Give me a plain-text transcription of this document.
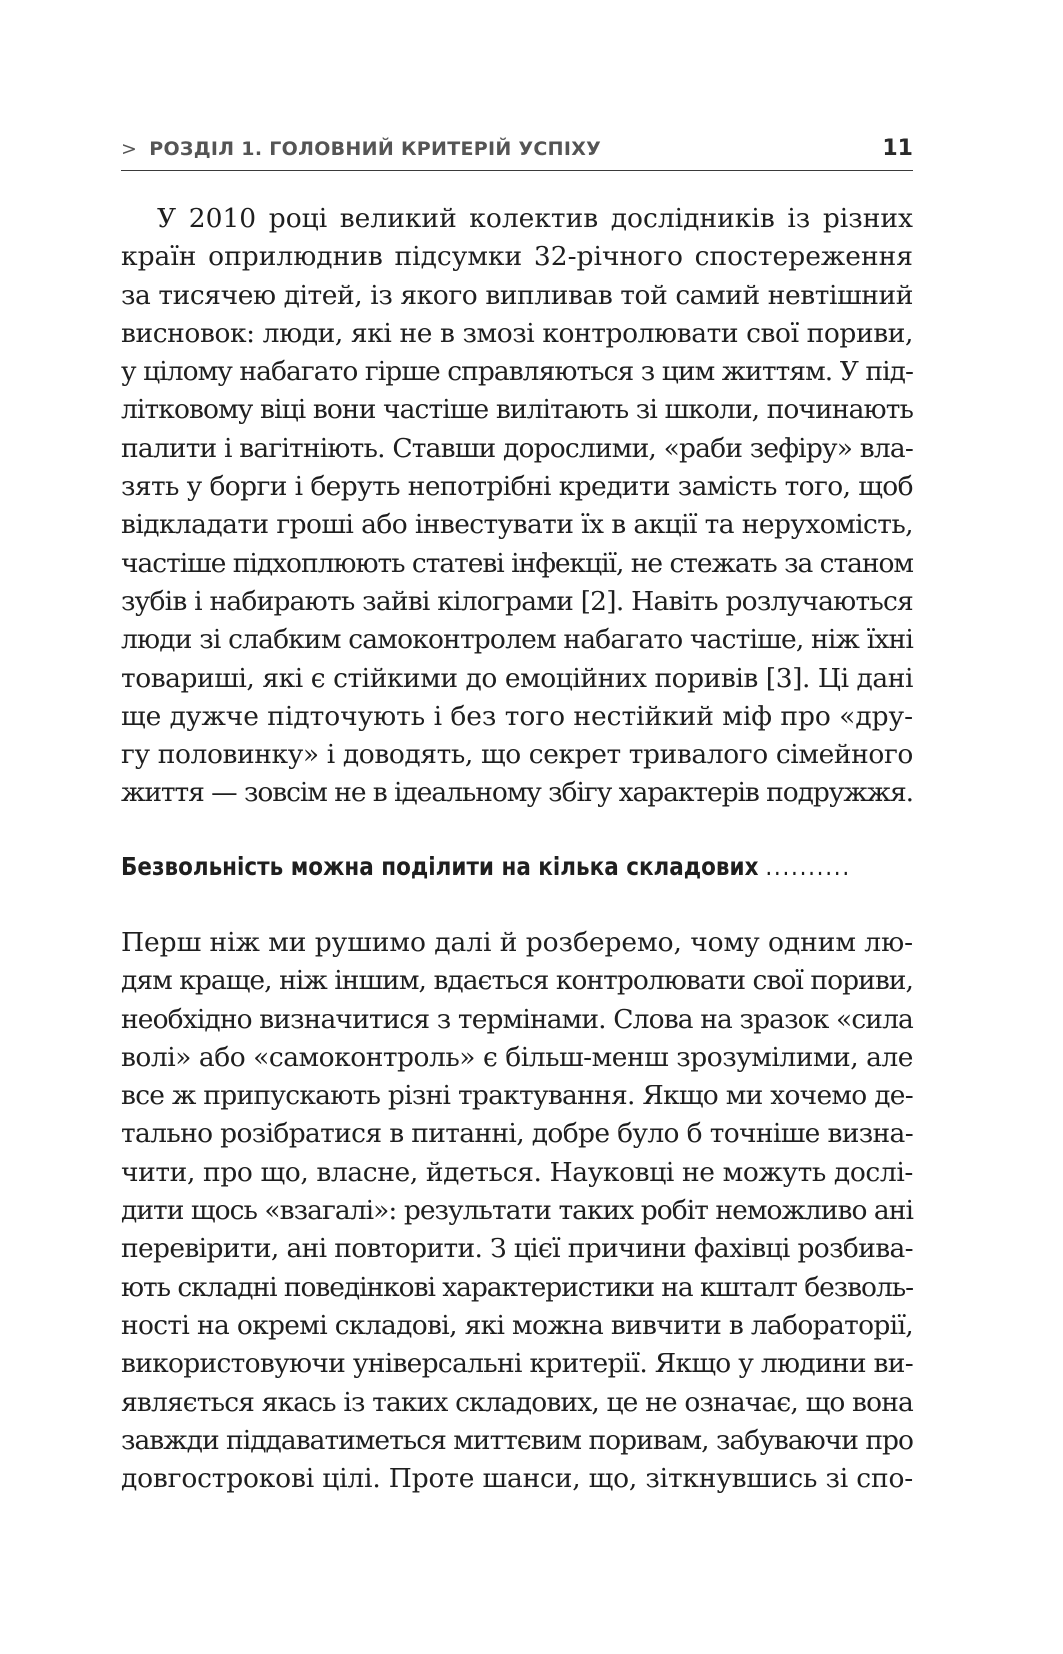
> РОЗДІЛ 1. ГОЛОВНИЙ КРИТЕРІЙ УСПІХУ	11
У 2010 році великий колектив дослідників із різних
країн оприлюднив підсумки 32-річного спостереження
за тисячею дітей, із якого випливав той самий невтішний
висновок: люди, які не в змозі контролювати свої пориви,
у цілому набагато гірше справляються з цим життям. У під-
літковому віці вони частіше вилітають зі школи, починають
палити і вагітніють. Ставши дорослими, «раби зефіру» вла-
зять у борги і беруть непотрібні кредити замість того, щоб
відкладати гроші або інвестувати їх в акції та нерухомість,
частіше підхоплюють статеві інфекції, не стежать за станом
зубів і набирають зайві кілограми [2]. Навіть розлучаються
люди зі слабким самоконтролем набагато частіше, ніж їхні
товариші, які є стійкими до емоційних поривів [3]. Ці дані
ще дужче підточують і без того нестійкий міф про «дру-
гу половинку» і доводять, що секрет тривалого сімейного
життя — зовсім не в ідеальному збігу характерів подружжя.
Безвольність можна поділити на кілька складових ..........
Перш ніж ми рушимо далі й розберемо, чому одним лю-
дям краще, ніж іншим, вдається контролювати свої пориви,
необхідно визначитися з термінами. Слова на зразок «сила
волі» або «самоконтроль» є більш-менш зрозумілими, але
все ж припускають різні трактування. Якщо ми хочемо де-
тально розібратися в питанні, добре було б точніше визна-
чити, про що, власне, йдеться. Науковці не можуть дослі-
дити щось «взагалі»: результати таких робіт неможливо ані
перевірити, ані повторити. З цієї причини фахівці розбива-
ють складні поведінкові характеристики на кшталт безволь-
ності на окремі складові, які можна вивчити в лабораторії,
використовуючи універсальні критерії. Якщо у людини ви-
являється якась із таких складових, це не означає, що вона
завжди піддаватиметься миттєвим поривам, забуваючи про
довгострокові цілі. Проте шанси, що, зіткнувшись зі спо-
